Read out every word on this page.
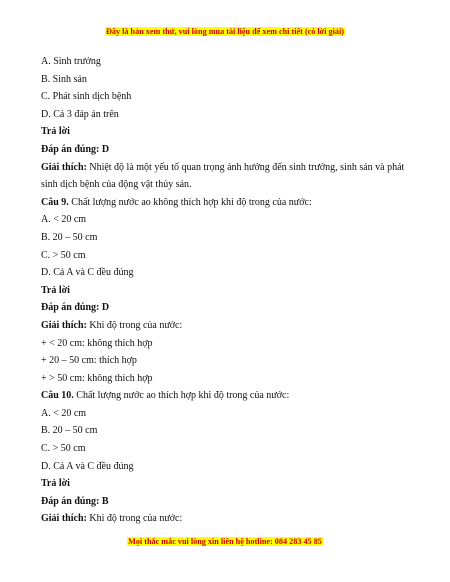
Đây là bản xem thử, vui lòng mua tài liệu để xem chi tiết (có lời giải)
A. Sinh trưởng
B. Sinh sản
C. Phát sinh dịch bệnh
D. Cả 3 đáp án trên
Trả lời
Đáp án đúng: D
Giải thích: Nhiệt độ là một yếu tố quan trọng ảnh hưởng đến sinh trưởng, sinh sản và phát sinh dịch bệnh của động vật thủy sản.
Câu 9. Chất lượng nước ao không thích hợp khi độ trong của nước:
A. < 20 cm
B. 20 – 50 cm
C. > 50 cm
D. Cả A và C đều đúng
Trả lời
Đáp án đúng: D
Giải thích: Khi độ trong của nước:
+ < 20 cm: không thích hợp
+ 20 – 50 cm: thích hợp
+ > 50 cm: không thích hợp
Câu 10. Chất lượng nước ao thích hợp khi độ trong của nước:
A. < 20 cm
B. 20 – 50 cm
C. > 50 cm
D. Cả A và C đều đúng
Trả lời
Đáp án đúng: B
Giải thích: Khi độ trong của nước:
Mọi thắc mắc vui lòng xin liên hệ hotline: 084 283 45 85
